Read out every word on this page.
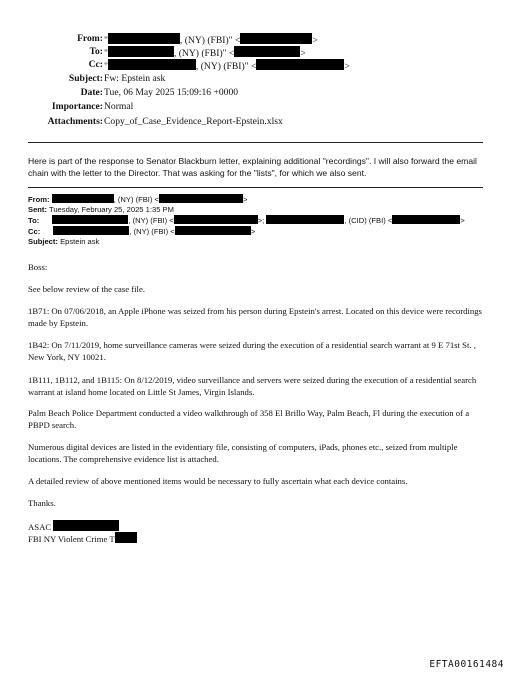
From: "	, (NY) (FBI)" <	>
To: "	, (NY) (FBI)" <	>
Cc: "	, (NY) (FBI)" <	>
Subject: Fw: Epstein ask
Date: Tue, 06 May 2025 15:09:16 +0000
Importance: Normal
Attachments: Copy_of_Case_Evidence_Report-Epstein.xlsx
Here is part of the response to Senator Blackburn letter, explaining additional "recordings". I will also forward the email chain with the letter to the Director. That was asking for the "lists", for which we also sent.
From:	, (NY) (FBI) <	>
Sent: Tuesday, February 25, 2025 1:35 PM
To:	, (NY) (FBI) <	>;	, (CID) (FBI) <	>
Cc:	, (NY) (FBI) <	>
Subject: Epstein ask
Boss:
See below review of the case file.
1B71: On 07/06/2018, an Apple iPhone was seized from his person during Epstein's arrest. Located on this device were recordings made by Epstein.
1B42: On 7/11/2019, home surveillance cameras were seized during the execution of a residential search warrant at 9 E 71st St. , New York, NY 10021.
1B111, 1B112, and 1B115: On 8/12/2019, video surveillance and servers were seized during the execution of a residential search warrant at island home located on Little St James, Virgin Islands.
Palm Beach Police Department conducted a video walkthrough of 358 El Brillo Way, Palm Beach, Fl during the execution of a PBPD search.
Numerous digital devices are listed in the evidentiary file, consisting of computers, iPads, phones etc., seized from multiple locations. The comprehensive evidence list is attached.
A detailed review of above mentioned items would be necessary to fully ascertain what each device contains.
Thanks.
ASAC
FBI NY Violent Crime T
EFTA00161484
